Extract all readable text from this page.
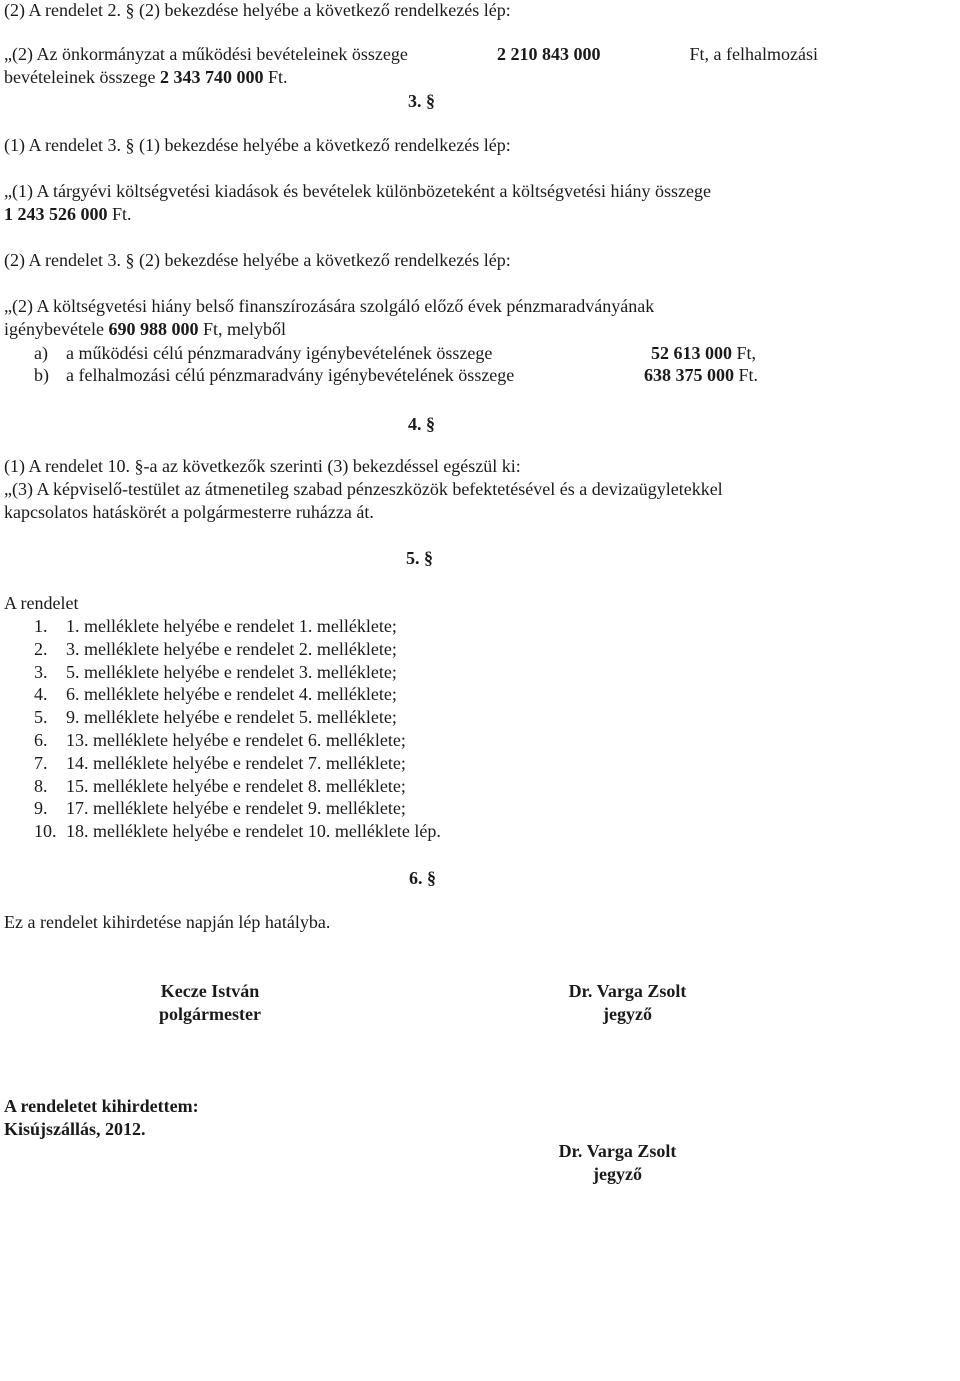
(2) A rendelet 2. § (2) bekezdése helyébe a következő rendelkezés lép:
„(2) Az önkormányzat a működési bevételeinek összege	2 210 843 000	Ft, a felhalmozási
bevételeinek összege 2 343 740 000 Ft.
3. §
(1) A rendelet 3. § (1) bekezdése helyébe a következő rendelkezés lép:
„(1) A tárgyévi költségvetési kiadások és bevételek különbözeteként a költségvetési hiány összege
1 243 526 000 Ft.
(2) A rendelet 3. § (2) bekezdése helyébe a következő rendelkezés lép:
„(2) A költségvetési hiány belső finanszírozására szolgáló előző évek pénzmaradványának
igénybevétele 690 988 000 Ft, melyből
a) a működési célú pénzmaradvány igénybevételének összege	52 613 000 Ft,
b) a felhalmozási célú pénzmaradvány igénybevételének összege	638 375 000 Ft.
4. §
(1) A rendelet 10. §-a az következők szerinti (3) bekezdéssel egészül ki:
„(3) A képviselő-testület az átmenetileg szabad pénzeszközök befektetésével és a devizaügyletekkel
kapcsolatos hatáskörét a polgármesterre ruházza át.
5. §
A rendelet
1. 1. melléklete helyébe e rendelet 1. melléklete;
2. 3. melléklete helyébe e rendelet 2. melléklete;
3. 5. melléklete helyébe e rendelet 3. melléklete;
4. 6. melléklete helyébe e rendelet 4. melléklete;
5. 9. melléklete helyébe e rendelet 5. melléklete;
6. 13. melléklete helyébe e rendelet 6. melléklete;
7. 14. melléklete helyébe e rendelet 7. melléklete;
8. 15. melléklete helyébe e rendelet 8. melléklete;
9. 17. melléklete helyébe e rendelet 9. melléklete;
10. 18. melléklete helyébe e rendelet 10. melléklete lép.
6. §
Ez a rendelet kihirdetése napján lép hatályba.
Kecze István
polgármester
Dr. Varga Zsolt
jegyző
A rendeletet kihirdettem:
Kisújszállás, 2012.
Dr. Varga Zsolt
jegyző
